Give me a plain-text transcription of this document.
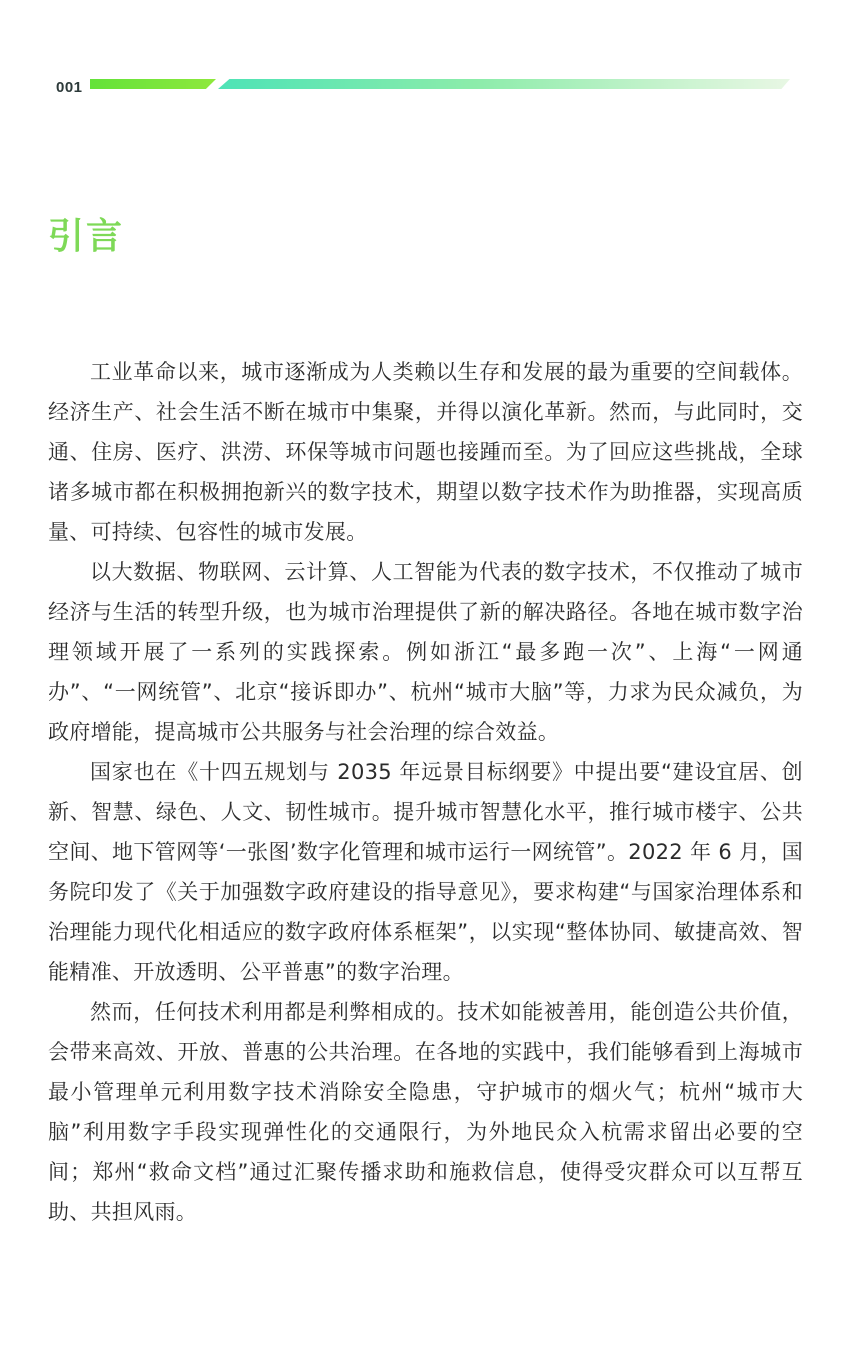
001
引言

工业革命以来，城市逐渐成为人类赖以生存和发展的最为重要的空间载体。经济生产、社会生活不断在城市中集聚，并得以演化革新。然而，与此同时，交通、住房、医疗、洪涝、环保等城市问题也接踵而至。为了回应这些挑战，全球诸多城市都在积极拥抱新兴的数字技术，期望以数字技术作为助推器，实现高质量、可持续、包容性的城市发展。

以大数据、物联网、云计算、人工智能为代表的数字技术，不仅推动了城市经济与生活的转型升级，也为城市治理提供了新的解决路径。各地在城市数字治理领域开展了一系列的实践探索。例如浙江“最多跑一次”、上海“一网通办”、“一网统管”、北京“接诉即办”、杭州“城市大脑”等，力求为民众减负，为政府增能，提高城市公共服务与社会治理的综合效益。

国家也在《十四五规划与 2035 年远景目标纲要》中提出要“建设宜居、创新、智慧、绿色、人文、韧性城市。提升城市智慧化水平，推行城市楼宇、公共空间、地下管网等‘一张图’数字化管理和城市运行一网统管”。2022 年 6 月，国务院印发了《关于加强数字政府建设的指导意见》，要求构建“与国家治理体系和治理能力现代化相适应的数字政府体系框架”，以实现“整体协同、敏捷高效、智能精准、开放透明、公平普惠”的数字治理。

然而，任何技术利用都是利弊相成的。技术如能被善用，能创造公共价值，会带来高效、开放、普惠的公共治理。在各地的实践中，我们能够看到上海城市最小管理单元利用数字技术消除安全隐患，守护城市的烟火气；杭州“城市大脑”利用数字手段实现弹性化的交通限行，为外地民众入杭需求留出必要的空间；郑州“救命文档”通过汇聚传播求助和施救信息，使得受灾群众可以互帮互助、共担风雨。
